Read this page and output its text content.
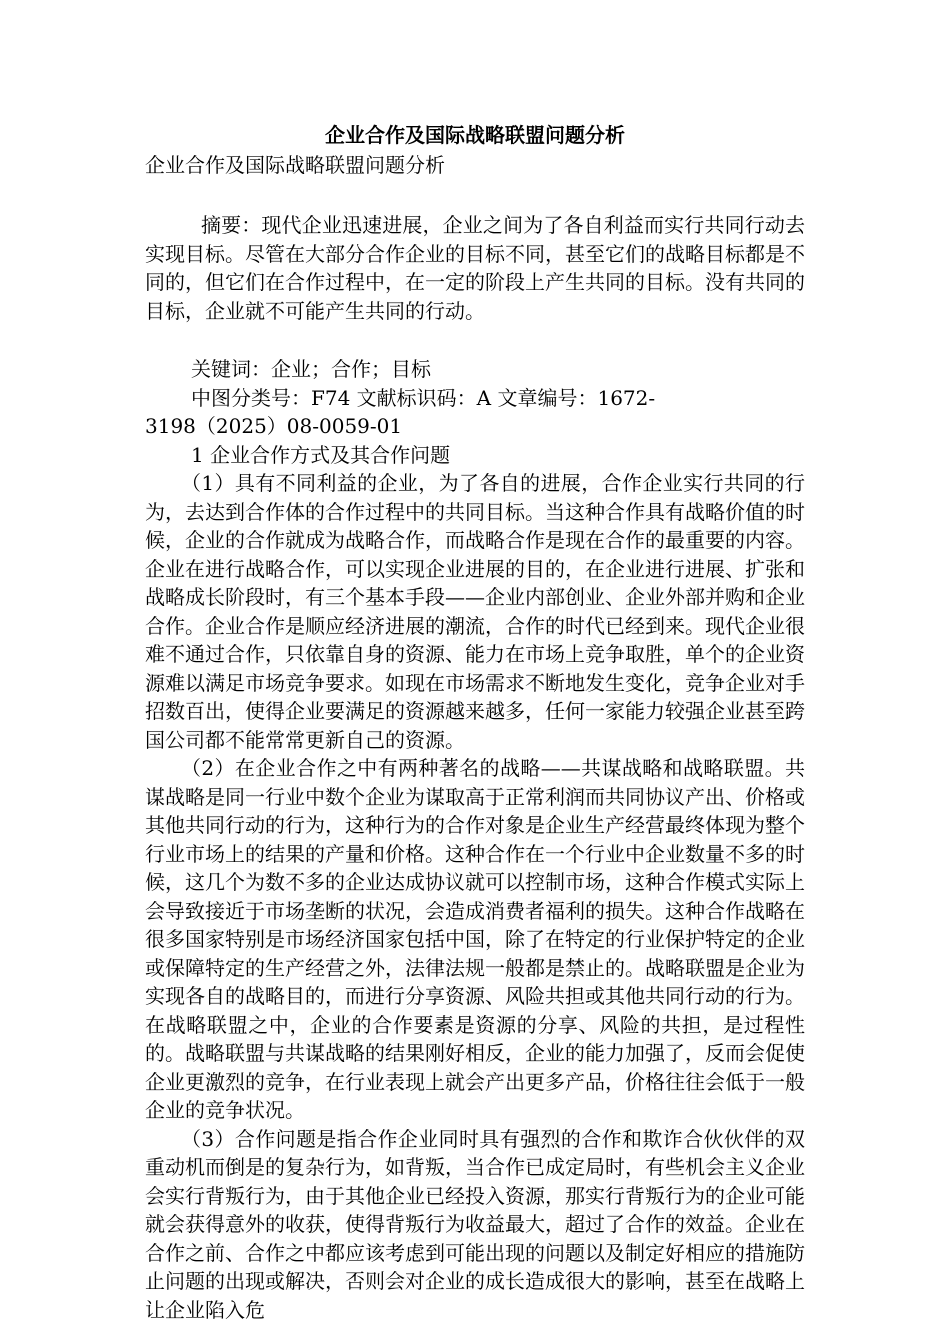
企业合作及国际战略联盟问题分析

企业合作及国际战略联盟问题分析

摘要：现代企业迅速进展，企业之间为了各自利益而实行共同行动去实现目标。尽管在大部分合作企业的目标不同，甚至它们的战略目标都是不同的，但它们在合作过程中，在一定的阶段上产生共同的目标。没有共同的目标，企业就不可能产生共同的行动。

关键词：企业；合作；目标

中图分类号：F74 文献标识码：A 文章编号：1672-

3198（2025）08-0059-01

1 企业合作方式及其合作问题

（1）具有不同利益的企业，为了各自的进展，合作企业实行共同的行为，去达到合作体的合作过程中的共同目标。当这种合作具有战略价值的时候，企业的合作就成为战略合作，而战略合作是现在合作的最重要的内容。企业在进行战略合作，可以实现企业进展的目的，在企业进行进展、扩张和战略成长阶段时，有三个基本手段——企业内部创业、企业外部并购和企业合作。企业合作是顺应经济进展的潮流，合作的时代已经到来。现代企业很难不通过合作，只依靠自身的资源、能力在市场上竞争取胜，单个的企业资源难以满足市场竞争要求。如现在市场需求不断地发生变化，竞争企业对手招数百出，使得企业要满足的资源越来越多，任何一家能力较强企业甚至跨国公司都不能常常更新自己的资源。

（2）在企业合作之中有两种著名的战略——共谋战略和战略联盟。共谋战略是同一行业中数个企业为谋取高于正常利润而共同协议产出、价格或其他共同行动的行为，这种行为的合作对象是企业生产经营最终体现为整个行业市场上的结果的产量和价格。这种合作在一个行业中企业数量不多的时候，这几个为数不多的企业达成协议就可以控制市场，这种合作模式实际上会导致接近于市场垄断的状况，会造成消费者福利的损失。这种合作战略在很多国家特别是市场经济国家包括中国，除了在特定的行业保护特定的企业或保障特定的生产经营之外，法律法规一般都是禁止的。战略联盟是企业为实现各自的战略目的，而进行分享资源、风险共担或其他共同行动的行为。在战略联盟之中，企业的合作要素是资源的分享、风险的共担，是过程性的。战略联盟与共谋战略的结果刚好相反，企业的能力加强了，反而会促使企业更激烈的竞争，在行业表现上就会产出更多产品，价格往往会低于一般企业的竞争状况。

（3）合作问题是指合作企业同时具有强烈的合作和欺诈合伙伙伴的双重动机而倒是的复杂行为，如背叛，当合作已成定局时，有些机会主义企业会实行背叛行为，由于其他企业已经投入资源，那实行背叛行为的企业可能就会获得意外的收获，使得背叛行为收益最大，超过了合作的效益。企业在合作之前、合作之中都应该考虑到可能出现的问题以及制定好相应的措施防止问题的出现或解决，否则会对企业的成长造成很大的影响，甚至在战略上让企业陷入危
